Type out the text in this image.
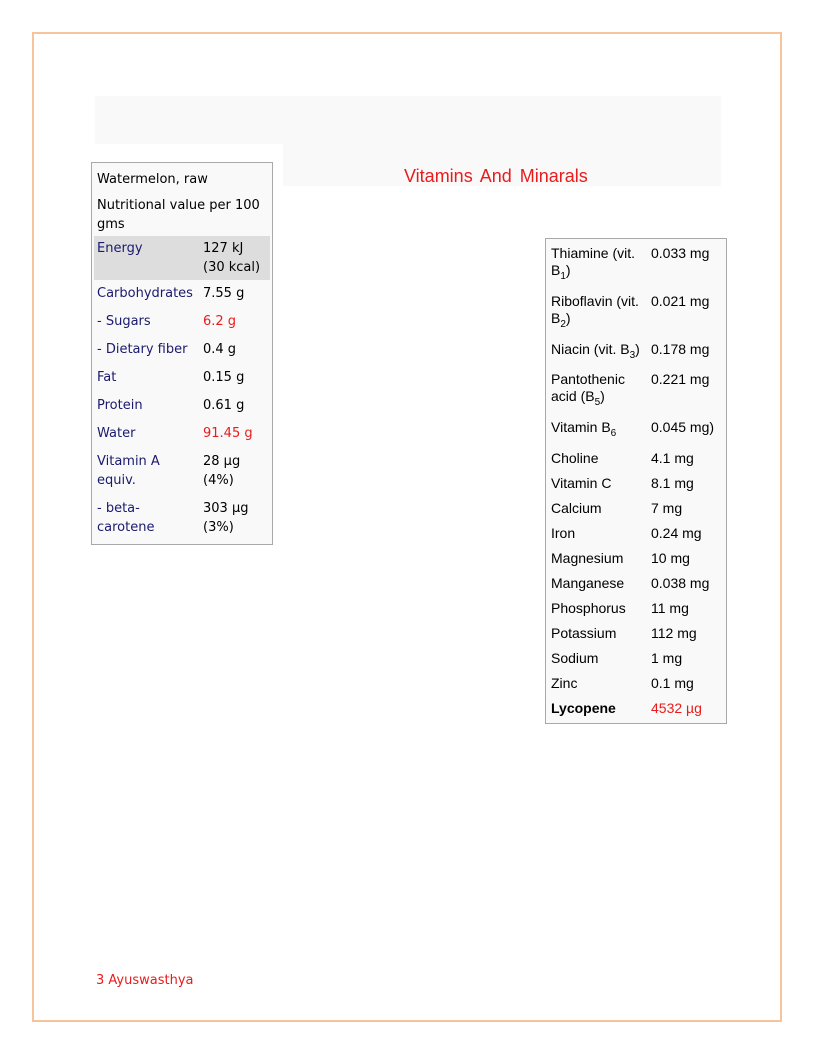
Vitamins And Minarals
Watermelon, raw	
Nutritional value per 100 gms	
Energy	127 kJ (30 kcal)
Carbohydrates	7.55 g
- Sugars	6.2 g
- Dietary fiber	0.4 g
Fat	0.15 g
Protein	0.61 g
Water	91.45 g
Vitamin A equiv.	28 µg (4%)
- beta-carotene	303 µg (3%)
Thiamine (vit. $B_1$)	0.033 mg
Riboflavin (vit. $B_2$)	0.021 mg
Niacin (vit. $B_3$)	0.178 mg
Pantothenic acid $(B_5)$	0.221 mg
Vitamin $B_6$	0.045 mg)
Choline	4.1 mg
Vitamin C	8.1 mg
Calcium	7 mg
Iron	0.24 mg
Magnesium	10 mg
Manganese	0.038 mg
Phosphorus	11 mg
Potassium	112 mg
Sodium	1 mg
Zinc	0.1 mg
Lycopene	4532 µg
3 Ayuswasthya
